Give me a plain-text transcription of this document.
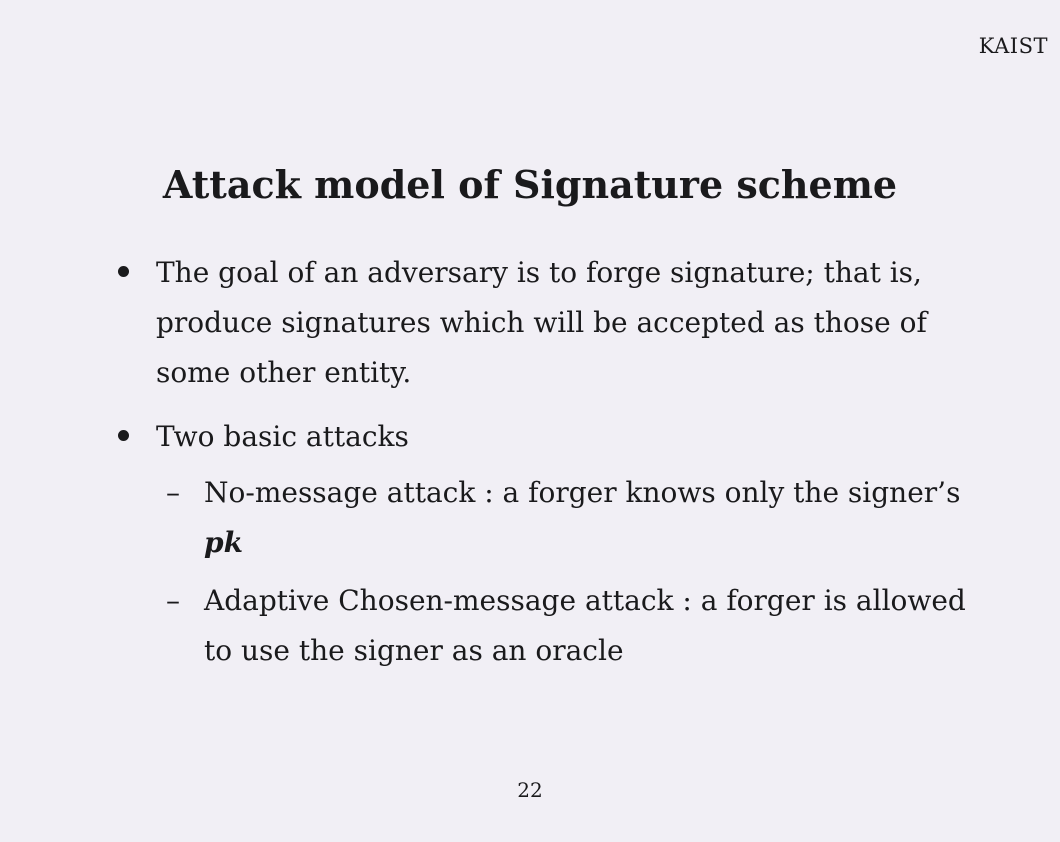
KAIST
Attack model of Signature scheme
The goal of an adversary is to forge signature; that is, produce signatures which will be accepted as those of some other entity.
Two basic attacks
– No-message attack : a forger knows only the signer’s pk
– Adaptive Chosen-message attack : a forger is allowed to use the signer as an oracle
22
